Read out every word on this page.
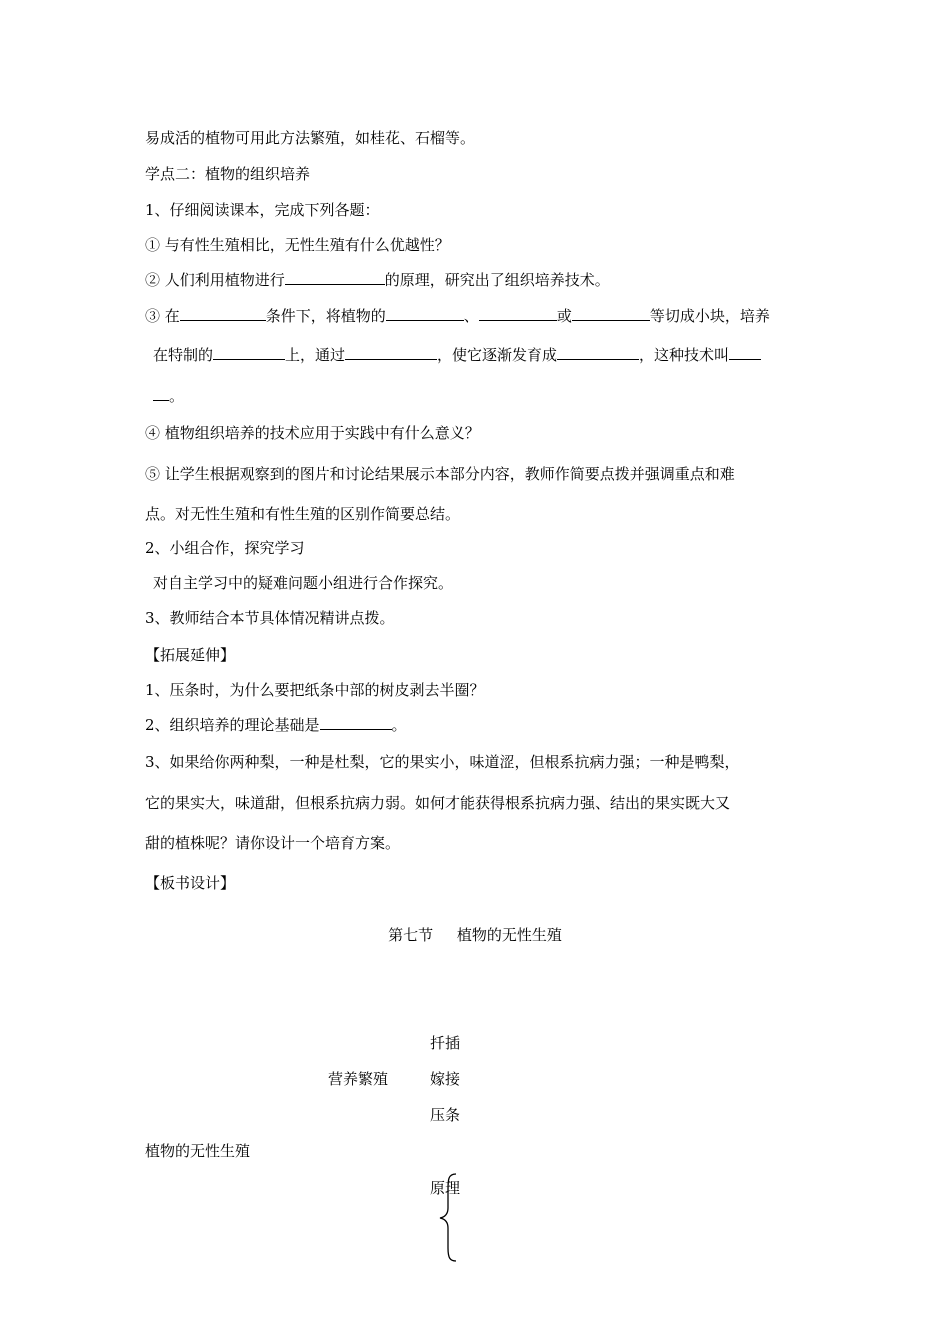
易成活的植物可用此方法繁殖，如桂花、石榴等。
学点二：植物的组织培养
1、仔细阅读课本，完成下列各题：
① 与有性生殖相比，无性生殖有什么优越性？
② 人们利用植物进行	的原理，研究出了组织培养技术。
③ 在	条件下，将植物的	、	或	等切成小块，培养
在特制的	上，通过	，使它逐渐发育成	，这种技术叫
。
④ 植物组织培养的技术应用于实践中有什么意义？
⑤ 让学生根据观察到的图片和讨论结果展示本部分内容，教师作简要点拨并强调重点和难
点。对无性生殖和有性生殖的区别作简要总结。
2、小组合作，探究学习
对自主学习中的疑难问题小组进行合作探究。
3、教师结合本节具体情况精讲点拨。
【拓展延伸】
1、压条时，为什么要把纸条中部的树皮剥去半圈？
2、组织培养的理论基础是	。
3、如果给你两种梨，一种是杜梨，它的果实小，味道涩，但根系抗病力强；一种是鸭梨，
它的果实大，味道甜，但根系抗病力弱。如何才能获得根系抗病力强、结出的果实既大又
甜的植株呢？请你设计一个培育方案。
【板书设计】
第七节     植物的无性生殖
扦插
营养繁殖	嫁接
压条
植物的无性生殖
原理
